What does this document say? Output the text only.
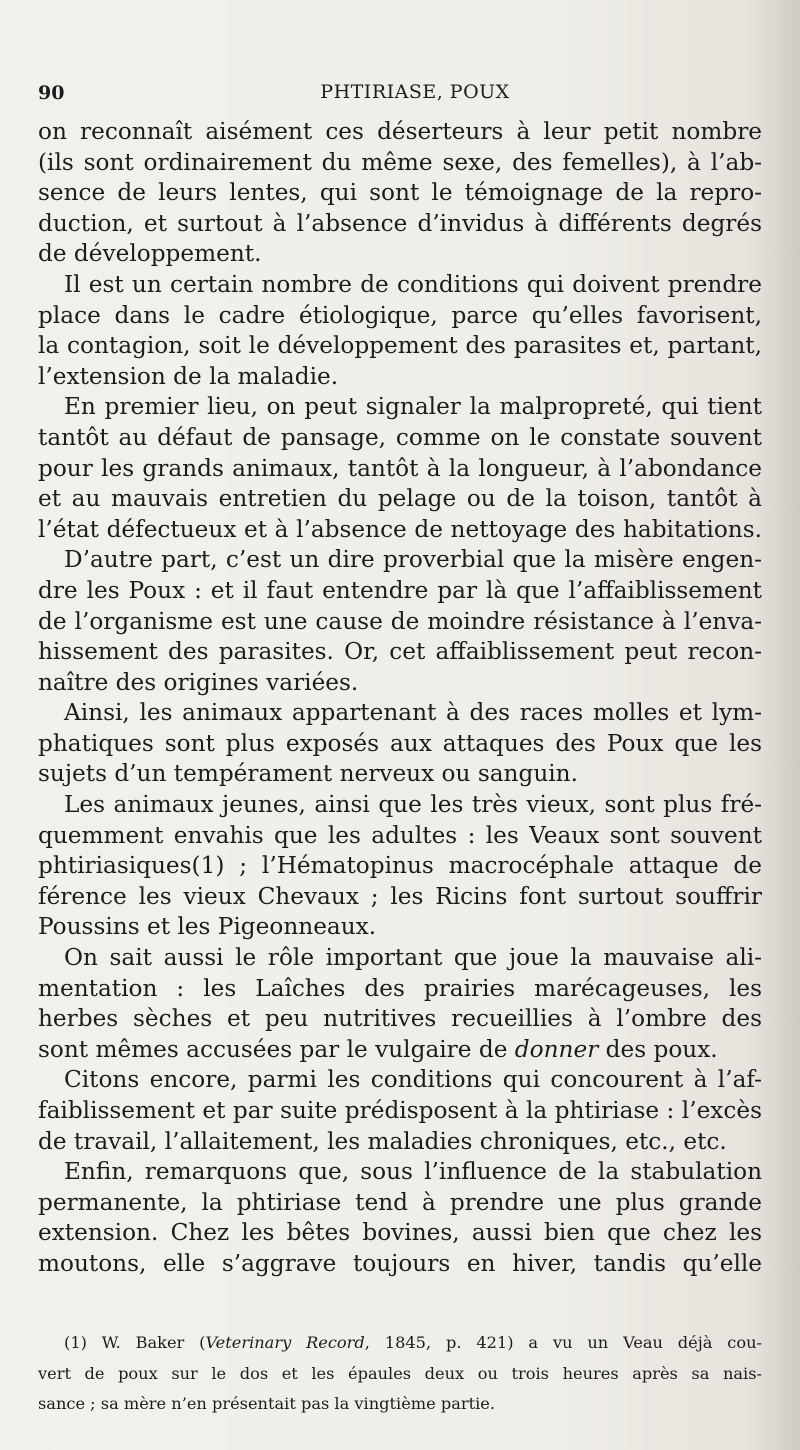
90	PHTIRIASE, POUX
on reconnaît aisément ces déserteurs à leur petit nombre
(ils sont ordinairement du même sexe, des femelles), à l’ab-
sence de leurs lentes, qui sont le témoignage de la repro-
duction, et surtout à l’absence d’invidus à différents degrés
de développement.
Il est un certain nombre de conditions qui doivent prendre
place dans le cadre étiologique, parce qu’elles favorisent,
la contagion, soit le développement des parasites et, partant,
l’extension de la maladie.
En premier lieu, on peut signaler la malpropreté, qui tient
tantôt au défaut de pansage, comme on le constate souvent
pour les grands animaux, tantôt à la longueur, à l’abondance
et au mauvais entretien du pelage ou de la toison, tantôt à
l’état défectueux et à l’absence de nettoyage des habitations.
D’autre part, c’est un dire proverbial que la misère engen-
dre les Poux : et il faut entendre par là que l’affaiblissement
de l’organisme est une cause de moindre résistance à l’enva-
hissement des parasites. Or, cet affaiblissement peut recon-
naître des origines variées.
Ainsi, les animaux appartenant à des races molles et lym-
phatiques sont plus exposés aux attaques des Poux que les
sujets d’un tempérament nerveux ou sanguin.
Les animaux jeunes, ainsi que les très vieux, sont plus fré-
quemment envahis que les adultes : les Veaux sont souvent
phtiriasiques(1) ; l’Hématopinus macrocéphale attaque de
férence les vieux Chevaux ; les Ricins font surtout souffrir
Poussins et les Pigeonneaux.
On sait aussi le rôle important que joue la mauvaise ali-
mentation : les Laîches des prairies marécageuses, les
herbes sèches et peu nutritives recueillies à l’ombre des
sont mêmes accusées par le vulgaire de donner des poux.
Citons encore, parmi les conditions qui concourent à l’af-
faiblissement et par suite prédisposent à la phtiriase : l’excès
de travail, l’allaitement, les maladies chroniques, etc., etc.
Enfin, remarquons que, sous l’influence de la stabulation
permanente, la phtiriase tend à prendre une plus grande
extension. Chez les bêtes bovines, aussi bien que chez les
moutons, elle s’aggrave toujours en hiver, tandis qu’elle
(1) W. Baker (Veterinary Record, 1845, p. 421) a vu un Veau déjà cou-
vert de poux sur le dos et les épaules deux ou trois heures après sa nais-
sance ; sa mère n’en présentait pas la vingtième partie.
